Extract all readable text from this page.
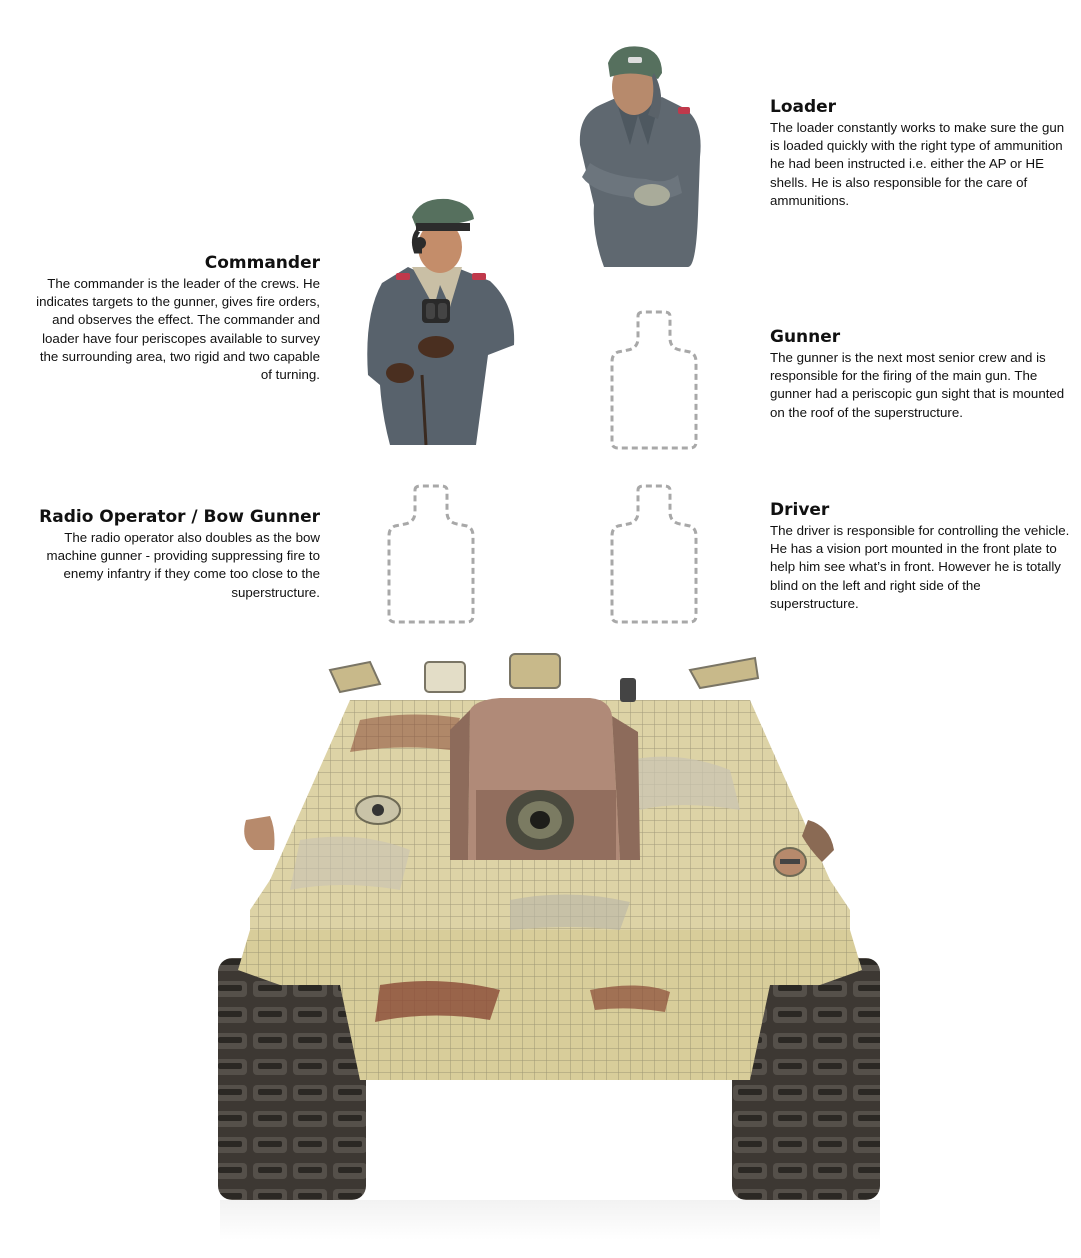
Commander

The commander is the leader of the crews. He indicates targets to the gunner, gives fire orders, and observes the effect. The commander and loader have four periscopes available to survey the surrounding area, two rigid and two capable of turning.

Radio Operator / Bow Gunner

The radio operator also doubles as the bow machine gunner - providing suppressing fire to enemy infantry if they come too close to the superstructure.

Loader

The loader constantly works to make sure the gun is loaded quickly with the right type of ammunition he had been instructed i.e. either the AP or HE shells. He is also responsible for the care of ammunitions.

Gunner

The gunner is the next most senior crew and is responsible for the firing of the main gun. The gunner had a periscopic gun sight that is mounted on the roof of the superstructure.

Driver

The driver is responsible for controlling the vehicle. He has a vision port mounted in the front plate to help him see what’s in front. However he is totally blind on the left and right side of the superstructure.
